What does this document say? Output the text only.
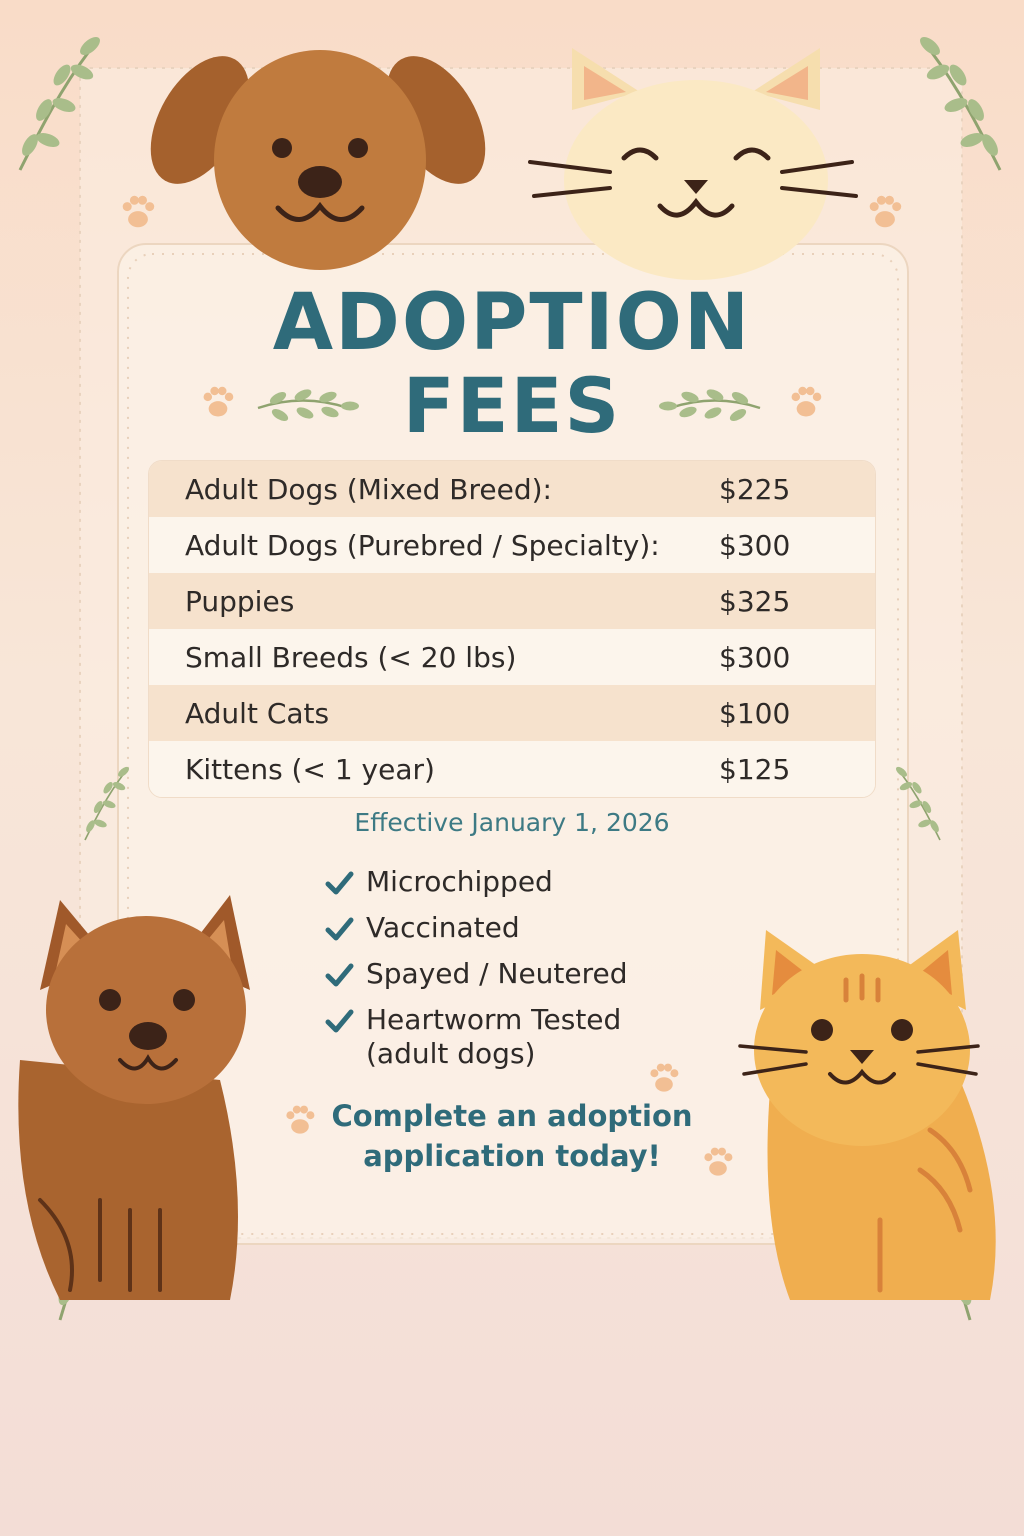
ADOPTION
FEES
Adult Dogs (Mixed Breed):	$225
Adult Dogs (Purebred / Specialty): $300
Puppies	$325
Small Breeds (< 20 lbs)	$300
Adult Cats	$100
Kittens (< 1 year)	$125
Effective January 1, 2026
Microchipped
Vaccinated
Spayed / Neutered
Heartworm Tested
(adult dogs)
Complete an adoption
application today!
